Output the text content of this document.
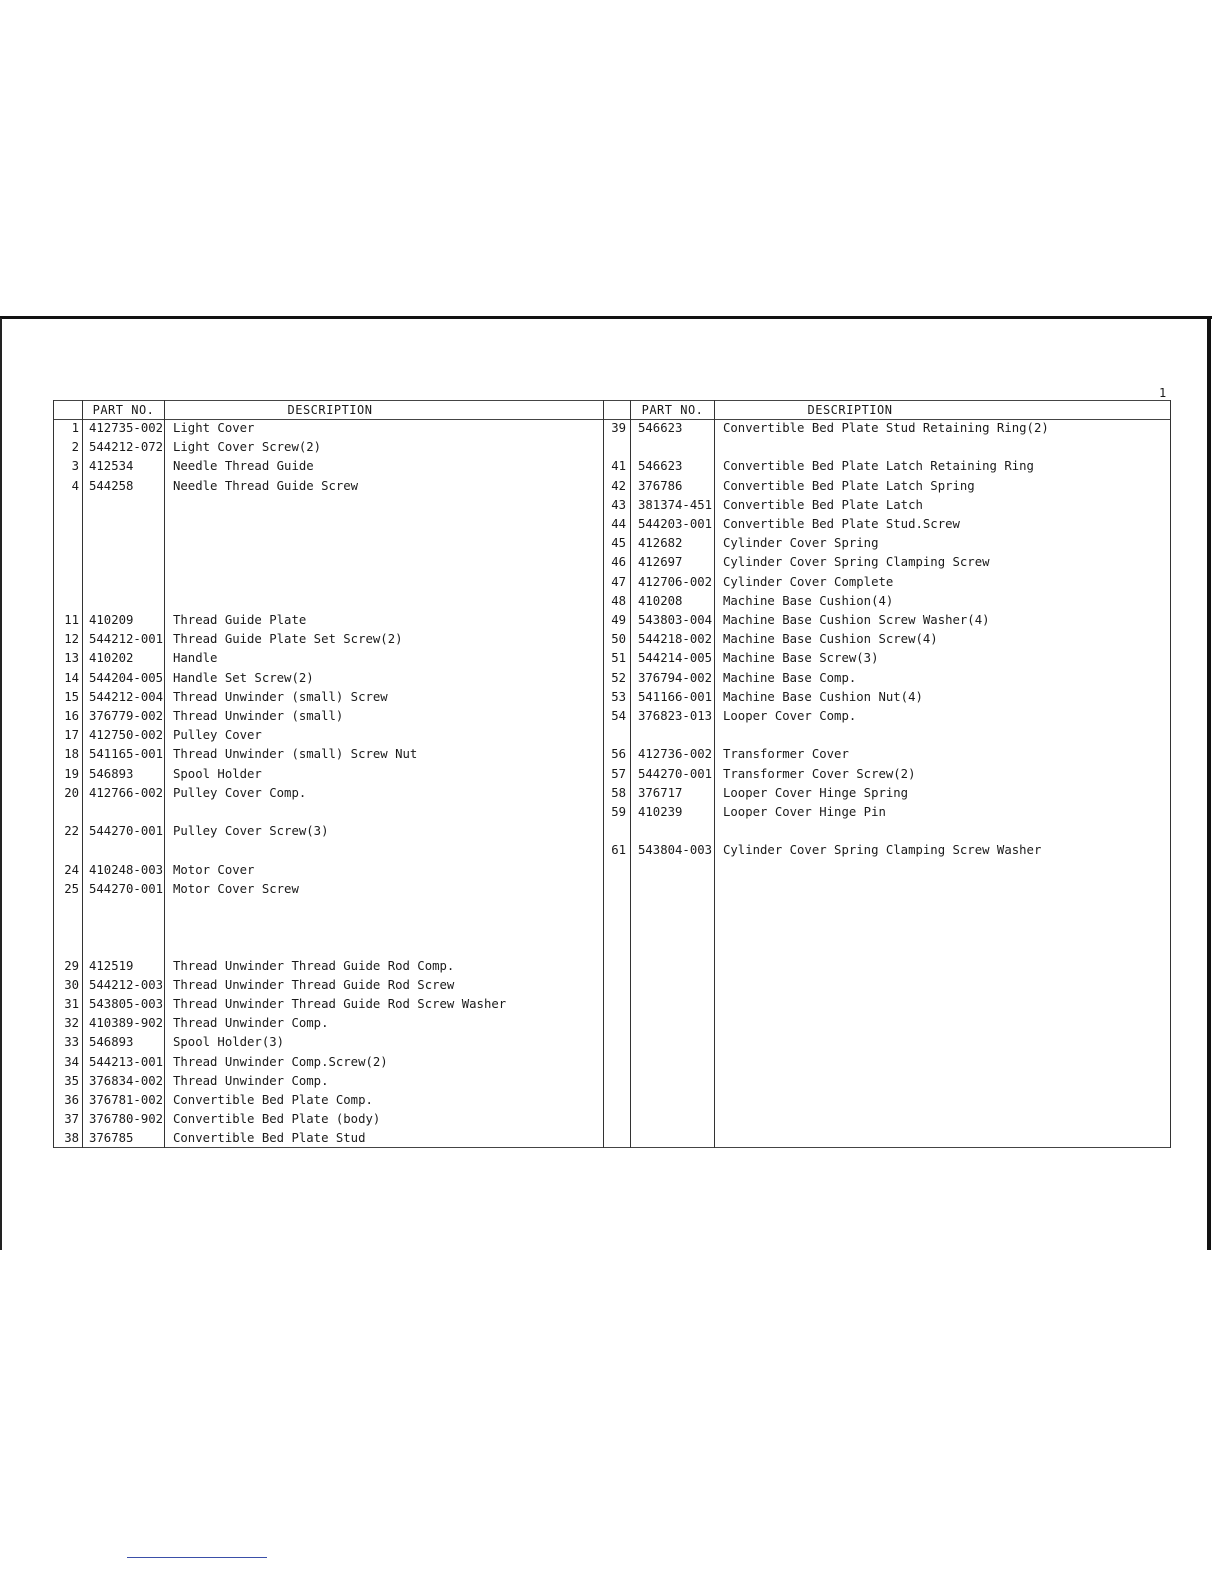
1
PART NO.	DESCRIPTION	PART NO.	DESCRIPTION
1 412735-002 Light Cover
2 544212-072 Light Cover Screw(2)
3 412534	Needle Thread Guide
4 544258	Needle Thread Guide Screw
11 410209	Thread Guide Plate
12 544212-001 Thread Guide Plate Set Screw(2)
13 410202	Handle
14 544204-005 Handle Set Screw(2)
15 544212-004 Thread Unwinder (small) Screw
16 376779-002 Thread Unwinder (small)
17 412750-002 Pulley Cover
18 541165-001 Thread Unwinder (small) Screw Nut
19 546893	Spool Holder
20 412766-002 Pulley Cover Comp.
22 544270-001 Pulley Cover Screw(3)
24 410248-003 Motor Cover
25 544270-001 Motor Cover Screw
29 412519	Thread Unwinder Thread Guide Rod Comp.
30 544212-003 Thread Unwinder Thread Guide Rod Screw
31 543805-003 Thread Unwinder Thread Guide Rod Screw Washer
32 410389-902 Thread Unwinder Comp.
33 546893	Spool Holder(3)
34 544213-001 Thread Unwinder Comp.Screw(2)
35 376834-002 Thread Unwinder Comp.
36 376781-002 Convertible Bed Plate Comp.
37 376780-902 Convertible Bed Plate (body)
38 376785	Convertible Bed Plate Stud
39 546623	Convertible Bed Plate Stud Retaining Ring(2)
41 546623	Convertible Bed Plate Latch Retaining Ring
42 376786	Convertible Bed Plate Latch Spring
43 381374-451 Convertible Bed Plate Latch
44 544203-001 Convertible Bed Plate Stud.Screw
45 412682	Cylinder Cover Spring
46 412697	Cylinder Cover Spring Clamping Screw
47 412706-002 Cylinder Cover Complete
48 410208	Machine Base Cushion(4)
49 543803-004 Machine Base Cushion Screw Washer(4)
50 544218-002 Machine Base Cushion Screw(4)
51 544214-005 Machine Base Screw(3)
52 376794-002 Machine Base Comp.
53 541166-001 Machine Base Cushion Nut(4)
54 376823-013 Looper Cover Comp.
56 412736-002 Transformer Cover
57 544270-001 Transformer Cover Screw(2)
58 376717	Looper Cover Hinge Spring
59 410239	Looper Cover Hinge Pin
61 543804-003 Cylinder Cover Spring Clamping Screw Washer
